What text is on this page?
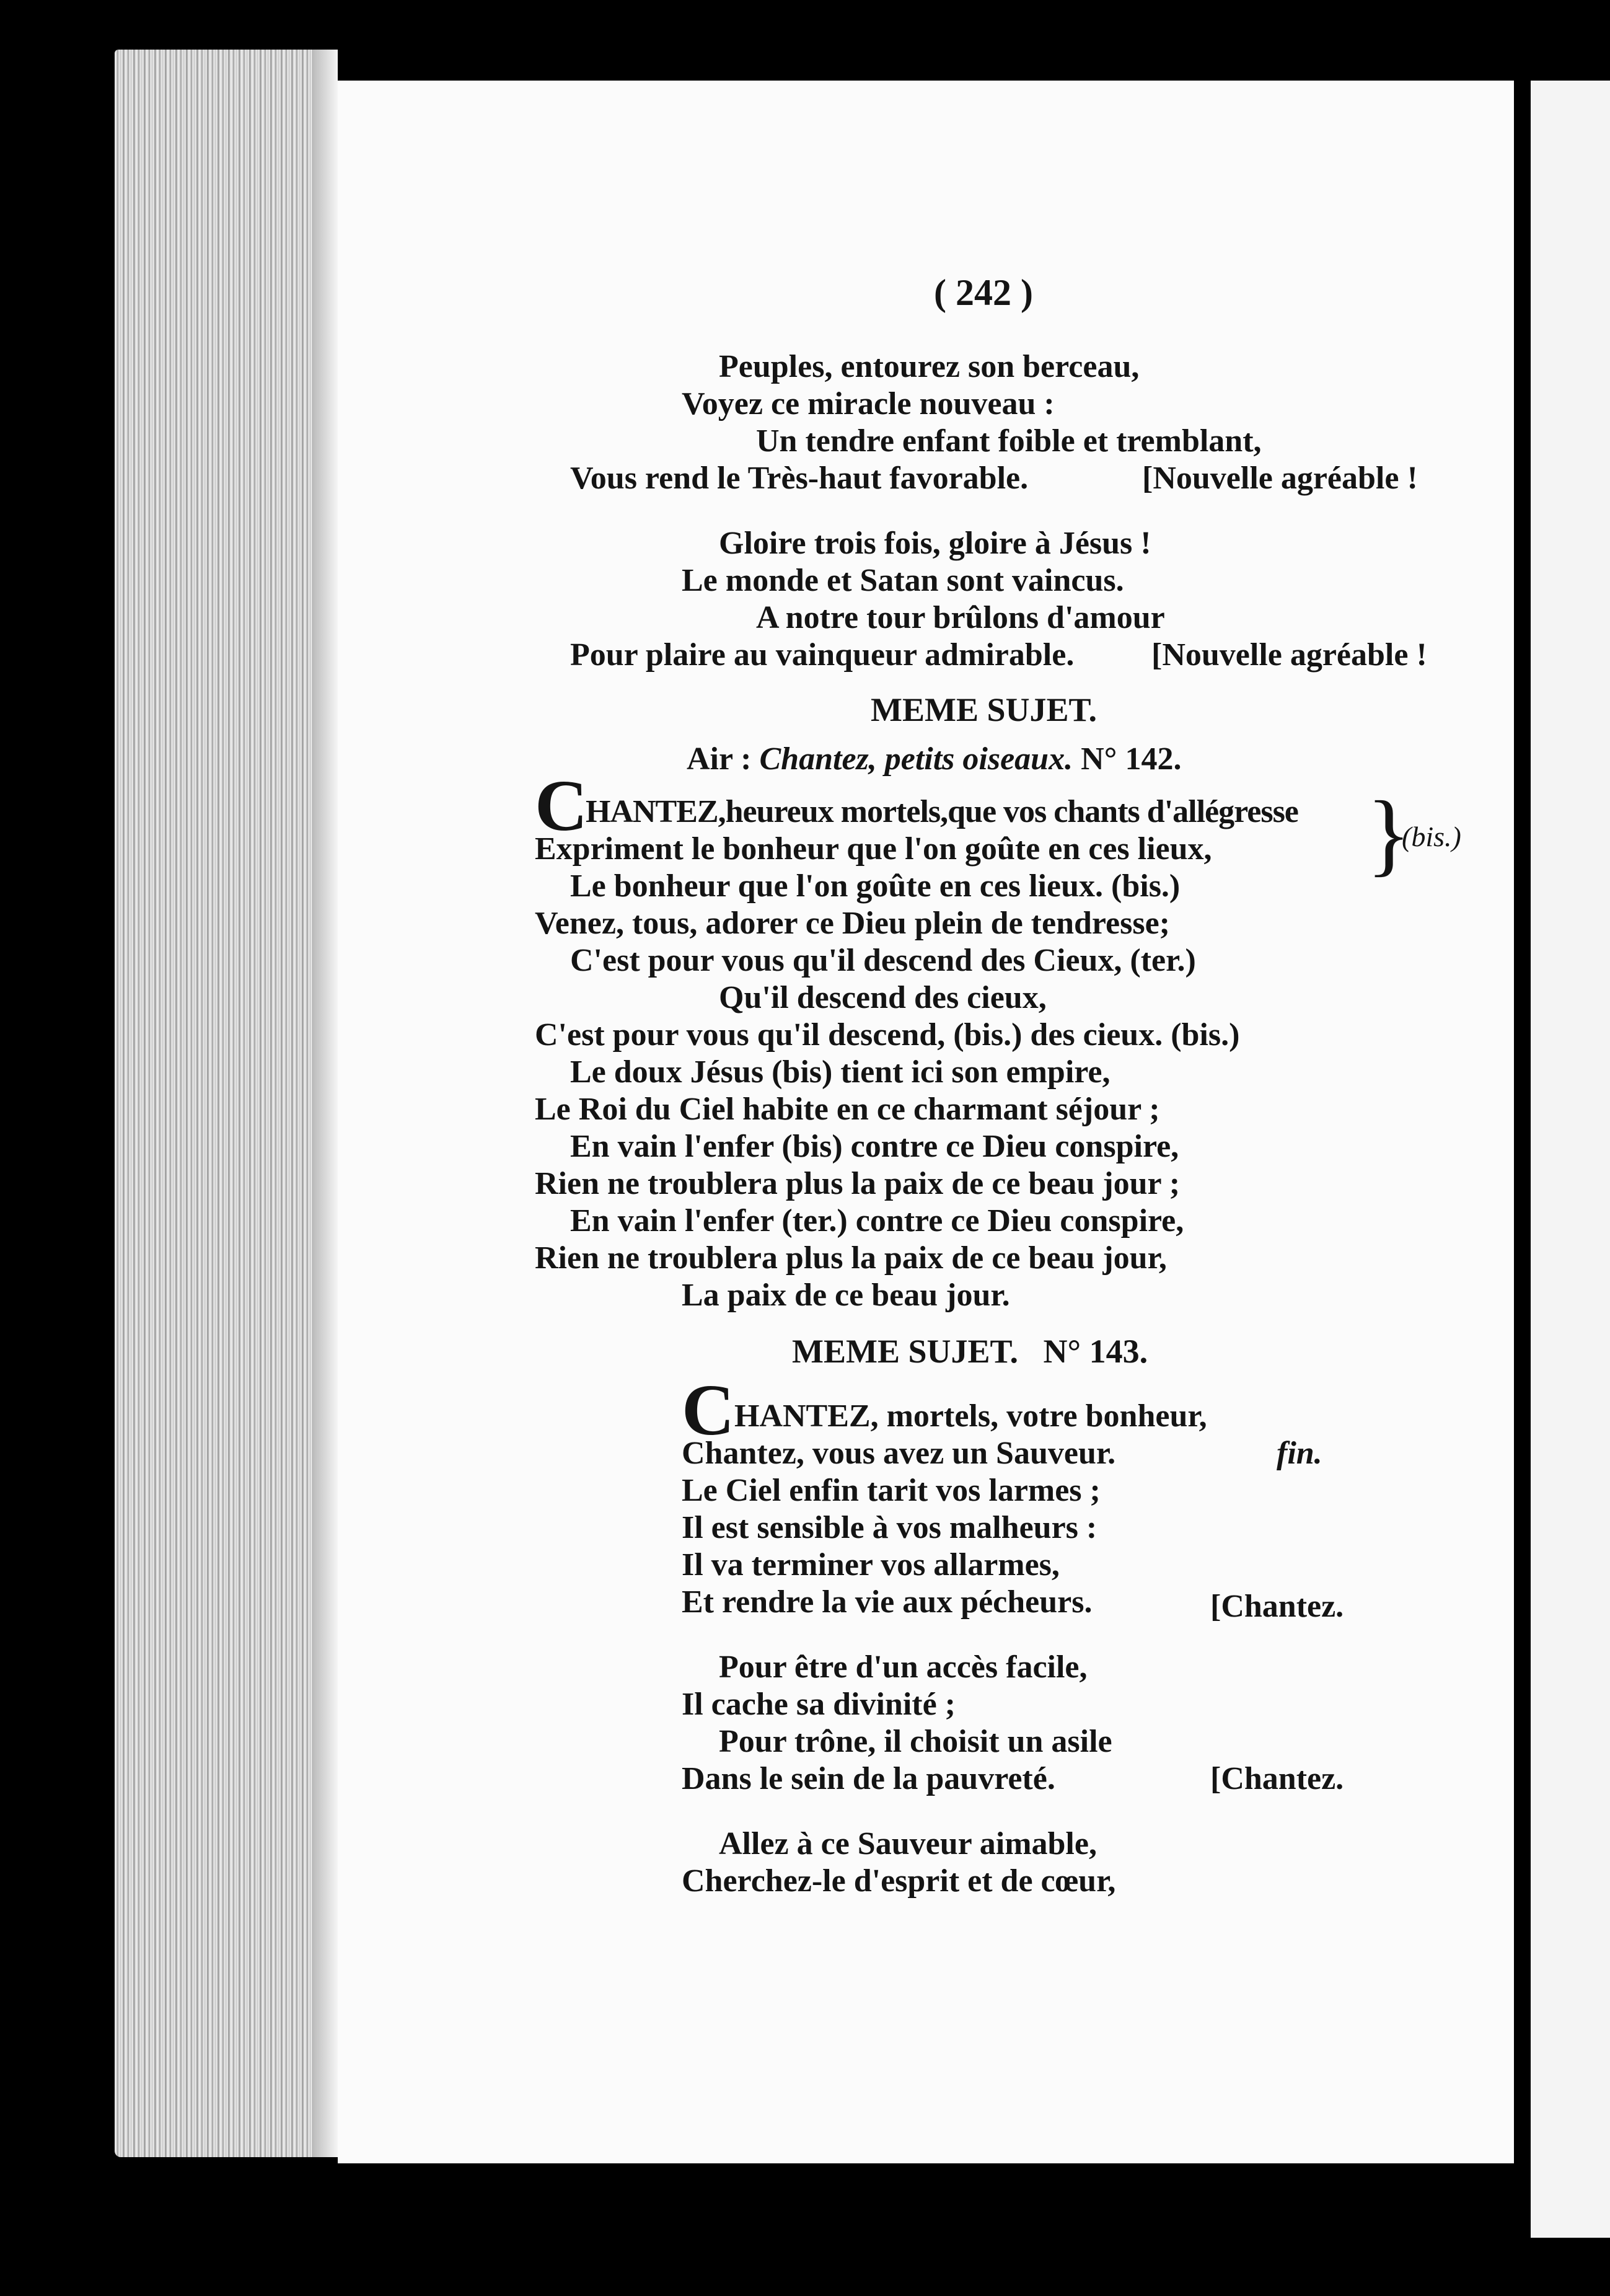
( 242 )
Peuples, entourez son berceau,
Voyez ce miracle nouveau :
Un tendre enfant foible et tremblant,
Vous rend le Très-haut favorable.	[Nouvelle agréable !
Gloire trois fois, gloire à Jésus !
Le monde et Satan sont vaincus.
A notre tour brûlons d'amour
Pour plaire au vainqueur admirable. [Nouvelle agréable !
MEME SUJET.
Air : Chantez, petits oiseaux. N° 142.
C
HANTEZ,heureux mortels,que vos chants d'allégresse }
(bis.)
Expriment le bonheur que l'on goûte en ces lieux,
Le bonheur que l'on goûte en ces lieux. (bis.)
Venez, tous, adorer ce Dieu plein de tendresse;
C'est pour vous qu'il descend des Cieux, (ter.)
Qu'il descend des cieux,
C'est pour vous qu'il descend, (bis.) des cieux. (bis.)
Le doux Jésus (bis) tient ici son empire,
Le Roi du Ciel habite en ce charmant séjour ;
En vain l'enfer (bis) contre ce Dieu conspire,
Rien ne troublera plus la paix de ce beau jour ;
En vain l'enfer (ter.) contre ce Dieu conspire,
Rien ne troublera plus la paix de ce beau jour,
La paix de ce beau jour.
MEME SUJET. N° 143.
C HANTEZ, mortels, votre bonheur,
Chantez, vous avez un Sauveur.	fin.
Le Ciel enfin tarit vos larmes ;
Il est sensible à vos malheurs :
Il va terminer vos allarmes,
Et rendre la vie aux pécheurs.	[Chantez.
Pour être d'un accès facile,
Il cache sa divinité ;
Pour trône, il choisit un asile
Dans le sein de la pauvreté.	[Chantez.
Allez à ce Sauveur aimable,
Cherchez-le d'esprit et de cœur,
